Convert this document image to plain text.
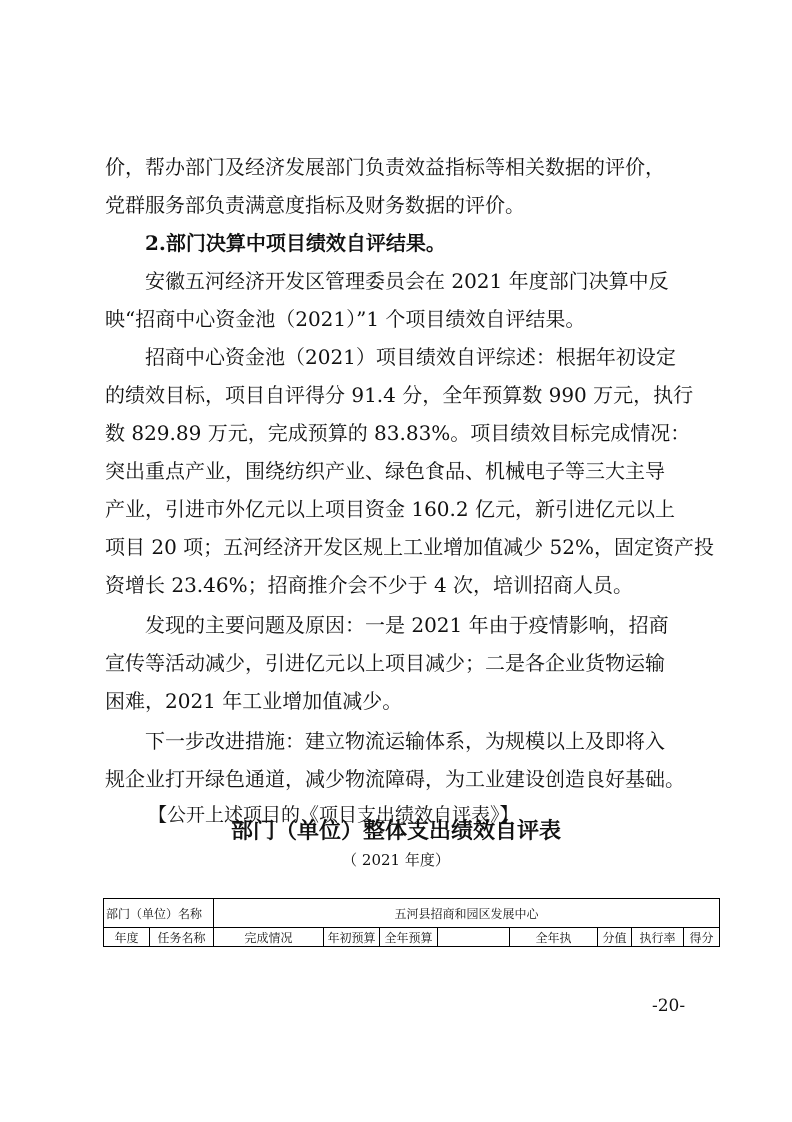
价，帮办部门及经济发展部门负责效益指标等相关数据的评价，
党群服务部负责满意度指标及财务数据的评价。
2.部门决算中项目绩效自评结果。
安徽五河经济开发区管理委员会在 2021 年度部门决算中反
映“招商中心资金池（2021）”1 个项目绩效自评结果。
招商中心资金池（2021）项目绩效自评综述：根据年初设定
的绩效目标，项目自评得分 91.4 分，全年预算数 990 万元，执行
数 829.89 万元，完成预算的 83.83%。项目绩效目标完成情况：
突出重点产业，围绕纺织产业、绿色食品、机械电子等三大主导
产业，引进市外亿元以上项目资金 160.2 亿元，新引进亿元以上
项目 20 项；五河经济开发区规上工业增加值减少 52%，固定资产投
资增长 23.46%；招商推介会不少于 4 次，培训招商人员。
发现的主要问题及原因：一是 2021 年由于疫情影响，招商
宣传等活动减少，引进亿元以上项目减少；二是各企业货物运输
困难，2021 年工业增加值减少。
下一步改进措施：建立物流运输体系，为规模以上及即将入
规企业打开绿色通道，减少物流障碍，为工业建设创造良好基础。
【公开上述项目的《项目支出绩效自评表》】
部门（单位）整体支出绩效自评表
（ 2021 年度）
部门（单位）名称		五河县招商和园区发展中心							
年度	任务名称	完成情况	年初预算	全年预算		全年执	分值	执行率	得分
-20-
